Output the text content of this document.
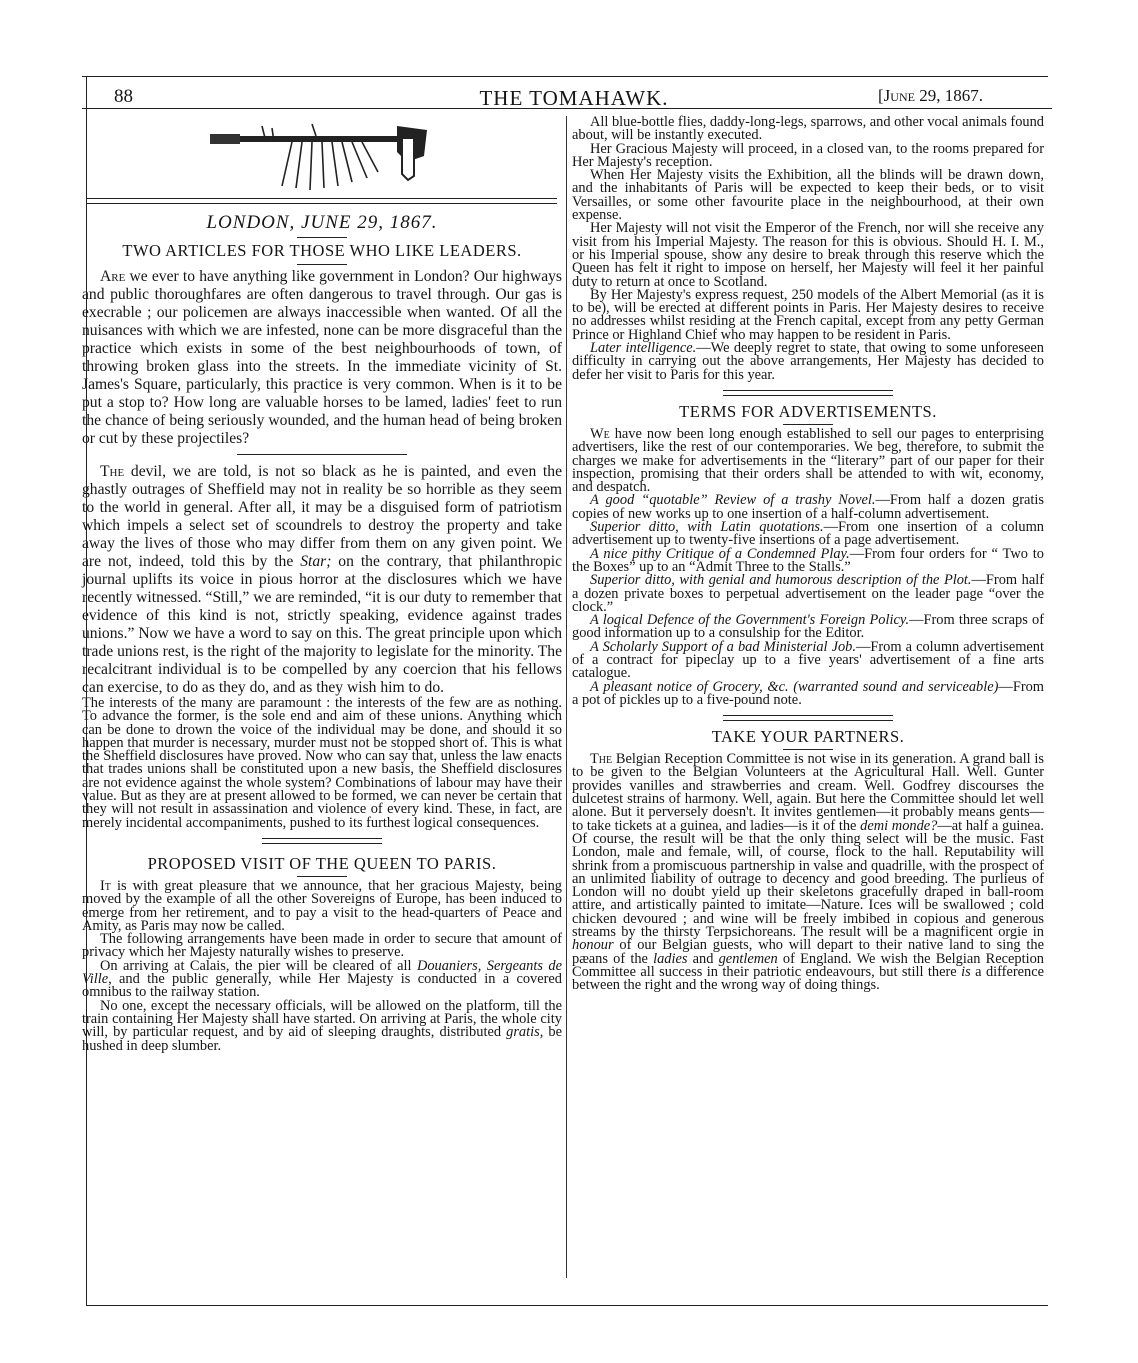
88	THE TOMAHAWK.	[June 29, 1867.

LONDON, JUNE 29, 1867.

TWO ARTICLES FOR THOSE WHO LIKE LEADERS.

Are we ever to have anything like government in London? Our highways and public thoroughfares are often dangerous to travel through. Our gas is execrable ; our policemen are always inaccessible when wanted. Of all the nuisances with which we are infested, none can be more disgraceful than the practice which exists in some of the best neighbourhoods of town, of throwing broken glass into the streets. In the immediate vicinity of St. James's Square, particularly, this practice is very common. When is it to be put a stop to? How long are valuable horses to be lamed, ladies' feet to run the chance of being seriously wounded, and the human head of being broken or cut by these projectiles?

The devil, we are told, is not so black as he is painted, and even the ghastly outrages of Sheffield may not in reality be so horrible as they seem to the world in general. After all, it may be a disguised form of patriotism which impels a select set of scoundrels to destroy the property and take away the lives of those who may differ from them on any given point. We are not, indeed, told this by the Star; on the contrary, that philanthropic journal uplifts its voice in pious horror at the disclosures which we have recently witnessed. “Still,” we are reminded, “it is our duty to remember that evidence of this kind is not, strictly speaking, evidence against trades unions.” Now we have a word to say on this. The great principle upon which trade unions rest, is the right of the majority to legislate for the minority. The recalcitrant individual is to be compelled by any coercion that his fellows can exercise, to do as they do, and as they wish him to do.

The interests of the many are paramount : the interests of the few are as nothing. To advance the former, is the sole end and aim of these unions. Anything which can be done to drown the voice of the individual may be done, and should it so happen that murder is necessary, murder must not be stopped short of. This is what the Sheffield disclosures have proved. Now who can say that, unless the law enacts that trades unions shall be constituted upon a new basis, the Sheffield disclosures are not evidence against the whole system? Combinations of labour may have their value. But as they are at present allowed to be formed, we can never be certain that they will not result in assassination and violence of every kind. These, in fact, are merely incidental accompaniments, pushed to its furthest logical consequences.

PROPOSED VISIT OF THE QUEEN TO PARIS.

It is with great pleasure that we announce, that her gracious Majesty, being moved by the example of all the other Sovereigns of Europe, has been induced to emerge from her retirement, and to pay a visit to the head-quarters of Peace and Amity, as Paris may now be called.

The following arrangements have been made in order to secure that amount of privacy which her Majesty naturally wishes to preserve.

On arriving at Calais, the pier will be cleared of all Douaniers, Sergeants de Ville, and the public generally, while Her Majesty is conducted in a covered omnibus to the railway station.

No one, except the necessary officials, will be allowed on the platform, till the train containing Her Majesty shall have started. On arriving at Paris, the whole city will, by particular request, and by aid of sleeping draughts, distributed gratis, be hushed in deep slumber.

All blue-bottle flies, daddy-long-legs, sparrows, and other vocal animals found about, will be instantly executed.

Her Gracious Majesty will proceed, in a closed van, to the rooms prepared for Her Majesty's reception.

When Her Majesty visits the Exhibition, all the blinds will be drawn down, and the inhabitants of Paris will be expected to keep their beds, or to visit Versailles, or some other favourite place in the neighbourhood, at their own expense.

Her Majesty will not visit the Emperor of the French, nor will she receive any visit from his Imperial Majesty. The reason for this is obvious. Should H. I. M., or his Imperial spouse, show any desire to break through this reserve which the Queen has felt it right to impose on herself, her Majesty will feel it her painful duty to return at once to Scotland.

By Her Majesty's express request, 250 models of the Albert Memorial (as it is to be), will be erected at different points in Paris. Her Majesty desires to receive no addresses whilst residing at the French capital, except from any petty German Prince or Highland Chief who may happen to be resident in Paris.

Later intelligence.—We deeply regret to state, that owing to some unforeseen difficulty in carrying out the above arrangements, Her Majesty has decided to defer her visit to Paris for this year.

TERMS FOR ADVERTISEMENTS.

We have now been long enough established to sell our pages to enterprising advertisers, like the rest of our contemporaries. We beg, therefore, to submit the charges we make for advertisements in the “literary” part of our paper for their inspection, promising that their orders shall be attended to with wit, economy, and despatch.

A good “quotable” Review of a trashy Novel.—From half a dozen gratis copies of new works up to one insertion of a half-column advertisement.

Superior ditto, with Latin quotations.—From one insertion of a column advertisement up to twenty-five insertions of a page advertisement.

A nice pithy Critique of a Condemned Play.—From four orders for “ Two to the Boxes” up to an “Admit Three to the Stalls.”

Superior ditto, with genial and humorous description of the Plot.—From half a dozen private boxes to perpetual advertisement on the leader page “over the clock.”

A logical Defence of the Government's Foreign Policy.—From three scraps of good information up to a consulship for the Editor.

A Scholarly Support of a bad Ministerial Job.—From a column advertisement of a contract for pipeclay up to a five years' advertisement of a fine arts catalogue.

A pleasant notice of Grocery, &c. (warranted sound and serviceable)—From a pot of pickles up to a five-pound note.

TAKE YOUR PARTNERS.

The Belgian Reception Committee is not wise in its generation. A grand ball is to be given to the Belgian Volunteers at the Agricultural Hall. Well. Gunter provides vanilles and strawberries and cream. Well. Godfrey discourses the dulcetest strains of harmony. Well, again. But here the Committee should let well alone. But it perversely doesn't. It invites gentlemen—it probably means gents—to take tickets at a guinea, and ladies—is it of the demi monde?—at half a guinea. Of course, the result will be that the only thing select will be the music. Fast London, male and female, will, of course, flock to the hall. Reputability will shrink from a promiscuous partnership in valse and quadrille, with the prospect of an unlimited liability of outrage to decency and good breeding. The purlieus of London will no doubt yield up their skeletons gracefully draped in ball-room attire, and artistically painted to imitate—Nature. Ices will be swallowed ; cold chicken devoured ; and wine will be freely imbibed in copious and generous streams by the thirsty Terpsichoreans. The result will be a magnificent orgie in honour of our Belgian guests, who will depart to their native land to sing the pæans of the ladies and gentlemen of England. We wish the Belgian Reception Committee all success in their patriotic endeavours, but still there is a difference between the right and the wrong way of doing things.
